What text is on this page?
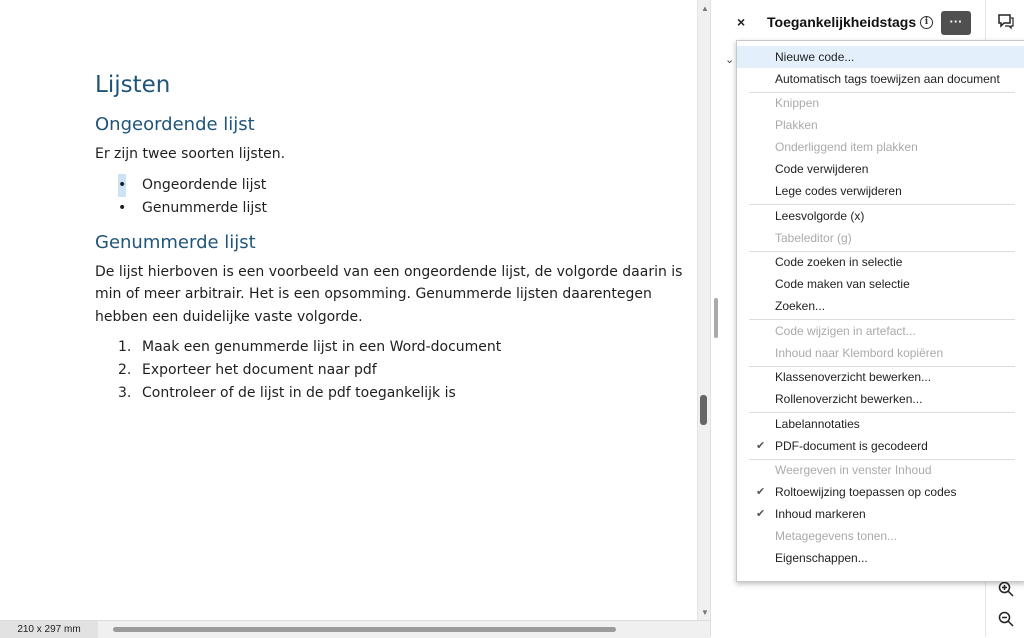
Lijsten
Ongeordende lijst
Er zijn twee soorten lijsten.
• Ongeordende lijst
• Genummerde lijst
Genummerde lijst
De lijst hierboven is een voorbeeld van een ongeordende lijst, de volgorde daarin is min of meer arbitrair. Het is een opsomming. Genummerde lijsten daarentegen hebben een duidelijke vaste volgorde.
1. Maak een genummerde lijst in een Word-document
2. Exporteer het document naar pdf
3. Controleer of de lijst in de pdf toegankelijk is
▲
▼
210 x 297 mm
× Toegankelijkheidstags i	···
⌄	Nieuwe code...
Automatisch tags toewijzen aan document
Knippen
Plakken
Onderliggend item plakken
Code verwijderen
Lege codes verwijderen
Leesvolgorde (x)
Tabeleditor (g)
Code zoeken in selectie
Code maken van selectie
Zoeken...
Code wijzigen in artefact...
Inhoud naar Klembord kopiëren
Klassenoverzicht bewerken...
Rollenoverzicht bewerken...
Labelannotaties
✔ PDF-document is gecodeerd
Weergeven in venster Inhoud
✔ Roltoewijzing toepassen op codes
✔ Inhoud markeren
Metagegevens tonen...
Eigenschappen...
